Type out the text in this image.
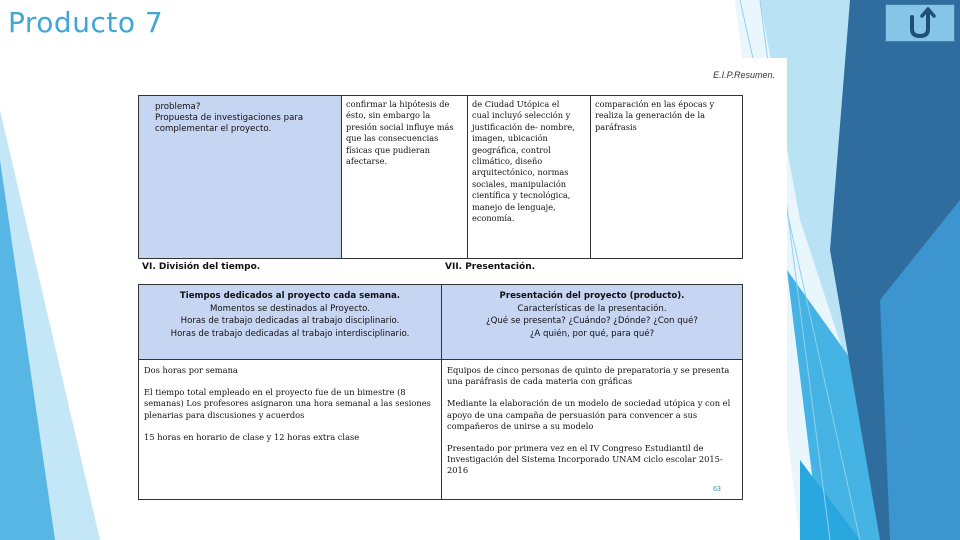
Producto 7
E.I.P.Resumen.
problema?
Propuesta de investigaciones para
complementar el proyecto.
confirmar la hipótesis de
ésto, sin embargo la
presión social influye más
que las consecuencias
físicas que pudieran
afectarse.
de Ciudad Utópica el
cual incluyó selección y
justificación de- nombre,
imagen, ubicación
geográfica, control
climático, diseño
arquitectónico, normas
sociales, manipulación
científica y tecnológica,
manejo de lenguaje,
economía.
comparación en las épocas y
realiza la generación de la
paráfrasis
VI. División del tiempo.	VII. Presentación.
Tiempos dedicados al proyecto cada semana.
Momentos se destinados al Proyecto.
Horas de trabajo dedicadas al trabajo disciplinario.
Horas de trabajo dedicadas al trabajo interdisciplinario.
Presentación del proyecto (producto).
Características de la presentación.
¿Qué se presenta? ¿Cuándo? ¿Dónde? ¿Con qué?
¿A quién, por qué, para qué?

Dos horas por semana

El tiempo total empleado en el proyecto fue de un bimestre (8 semanas) Los profesores asignaron una hora semanal a las sesiones plenarias para discusiones y acuerdos

15 horas en horario de clase y 12 horas extra clase

Equipos de cinco personas de quinto de preparatoria y se presenta una paráfrasis de cada materia con gráficas

Mediante la elaboración de un modelo de sociedad utópica y con el apoyo de una campaña de persuasión para convencer a sus compañeros de unirse a su modelo

Presentado por primera vez en el IV Congreso Estudiantil de Investigación del Sistema Incorporado UNAM ciclo escolar 2015-2016

63
